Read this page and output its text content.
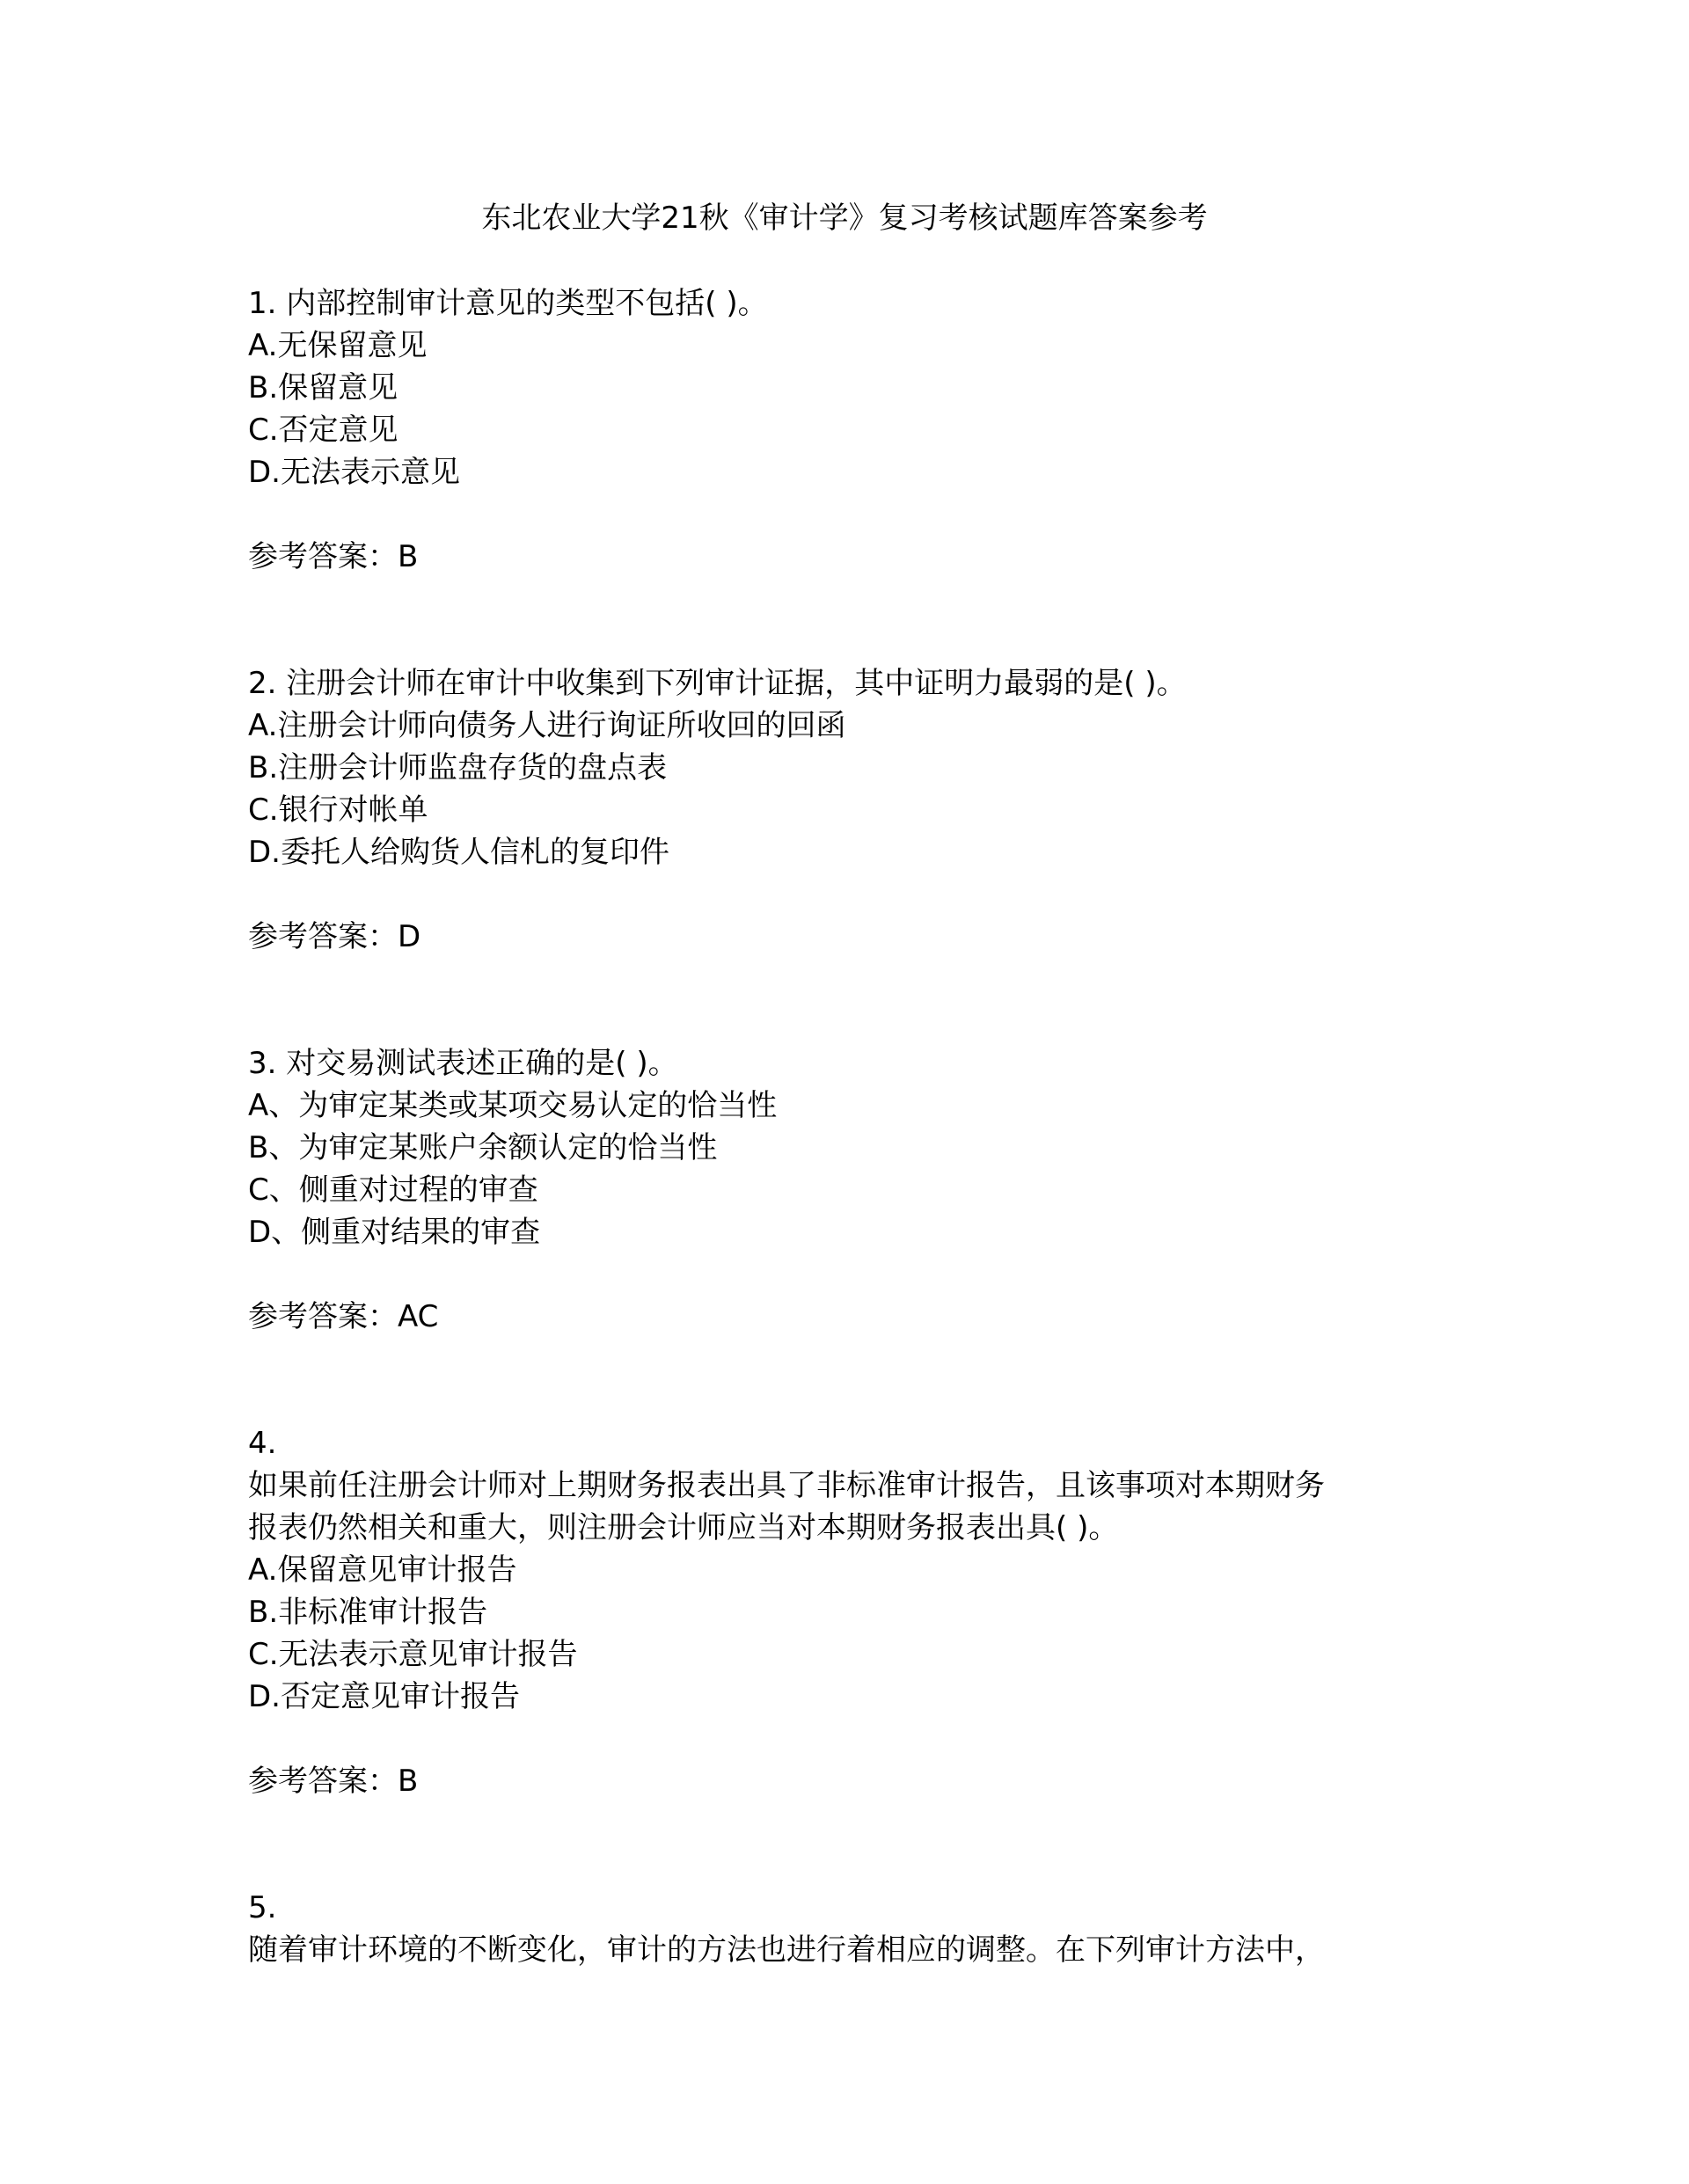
东北农业大学21秋《审计学》复习考核试题库答案参考
1. 内部控制审计意见的类型不包括( )。
A.无保留意见
B.保留意见
C.否定意见
D.无法表示意见
参考答案：B
2. 注册会计师在审计中收集到下列审计证据，其中证明力最弱的是( )。
A.注册会计师向债务人进行询证所收回的回函
B.注册会计师监盘存货的盘点表
C.银行对帐单
D.委托人给购货人信札的复印件
参考答案：D
3. 对交易测试表述正确的是( )。
A、为审定某类或某项交易认定的恰当性
B、为审定某账户余额认定的恰当性
C、侧重对过程的审查
D、侧重对结果的审查
参考答案：AC
4.
如果前任注册会计师对上期财务报表出具了非标准审计报告，且该事项对本期财务
报表仍然相关和重大，则注册会计师应当对本期财务报表出具( )。
A.保留意见审计报告
B.非标准审计报告
C.无法表示意见审计报告
D.否定意见审计报告
参考答案：B
5.
随着审计环境的不断变化，审计的方法也进行着相应的调整。在下列审计方法中，
